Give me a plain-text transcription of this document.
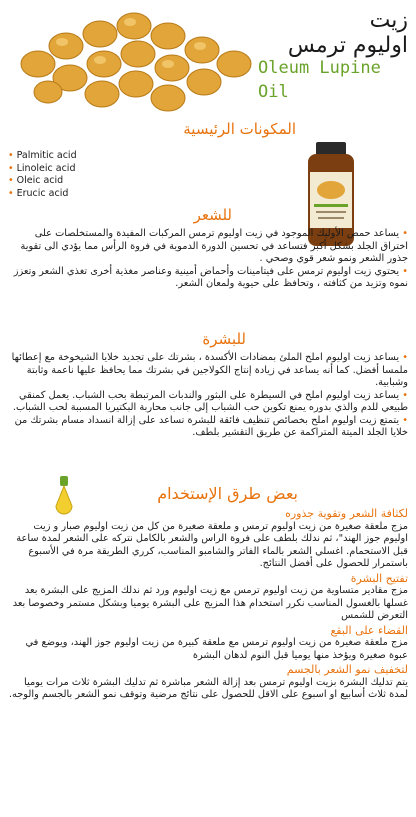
زيت
اوليوم ترمس
Oleum Lupine
Oil
المكونات الرئيسية
• Palmitic acid
• Linoleic acid
• Oleic acid
• Erucic acid
للشعر
• يساعد حمض الأوليك الموجود في زيت اوليوم ترمس المركبات المفيدة والمستخلصات على اختراق الجلد بشكل أكبر فتساعد في تحسين الدورة الدموية في فروة الرأس مما يؤدي الى تقوية جذور الشعر ونمو شعر قوي وصحي .
• يحتوي زيت اوليوم ترمس على فيتامينات وأحماض أمينية وعناصر مغذية أخرى تغذي الشعر وتعزز نموه وتزيد من كثافته ، وتحافظ على حيوية ولمعان الشعر.
للبشرة
• يساعد زيت اوليوم املح الملئ بمضادات الأكسدة ، بشرتك على تجديد خلايا الشيخوخة مع إعطائها ملمسا أفضل. كما أنه يساعد في زيادة إنتاج الكولاجين في بشرتك مما يحافظ عليها ناعمة وثابتة وشبابية.
• يساعد زيت اوليوم املح في السيطرة على البثور والندبات المرتبطة بحب الشباب. يعمل كمنقي طبيعي للدم والذي بدوره يمنع تكوين حب الشباب إلى جانب محاربة البكتيريا المسببة لحب الشباب.
• يتمتع زيت اوليوم املح بخصائص تنظيف فائقة للبشرة تساعد على إزالة انسداد مسام بشرتك من خلايا الجلد الميتة المتراكمة عن طريق التقشير بلطف.
بعض طرق الإستخدام
لكثافة الشعر وتقوية جذوره
مزج ملعقة صغيرة من زيت اوليوم ترمس و ملعقة صغيرة من كل من زيت اوليوم صبار و زيت اوليوم جوز الهند"، ثم ندلك بلطف على فروة الراس والشعر بالكامل نتركه على الشعر لمدة ساعة قبل الاستحمام. اغسلي الشعر بالماء الفاتر والشامبو المناسب، كرري الطريقة مرة في الأسبوع باستمرار للحصول على أفضل النتائج.
تفتيح البشرة
مزج مقادير متساوية من زيت اوليوم ترمس مع زيت اوليوم ورد ثم ندلك المزيج على البشرة بعد غسلها بالغسول المناسب نكرر استخدام هذا المزيج على البشرة يوميا وبشكل مستمر وخصوصا بعد التعرض للشمس
القضاء على البقع
مزج ملعقة صغيرة من زيت اوليوم ترمس مع ملعقة كبيرة من زيت اوليوم جوز الهند، ويوضع في عبوة صغيرة ويؤخذ منها يوميا قبل النوم لدهان البشرة
لتخفيف نمو الشعر بالجسم
يتم تدليك البشرة بزيت اوليوم ترمس بعد إزالة الشعر مباشرة ثم تدليك البشرة ثلاث مرات يوميا لمدة ثلاث أسابيع او اسبوع على الاقل للحصول على نتائج مرضية وتوقف نمو الشعر بالجسم والوجه.
